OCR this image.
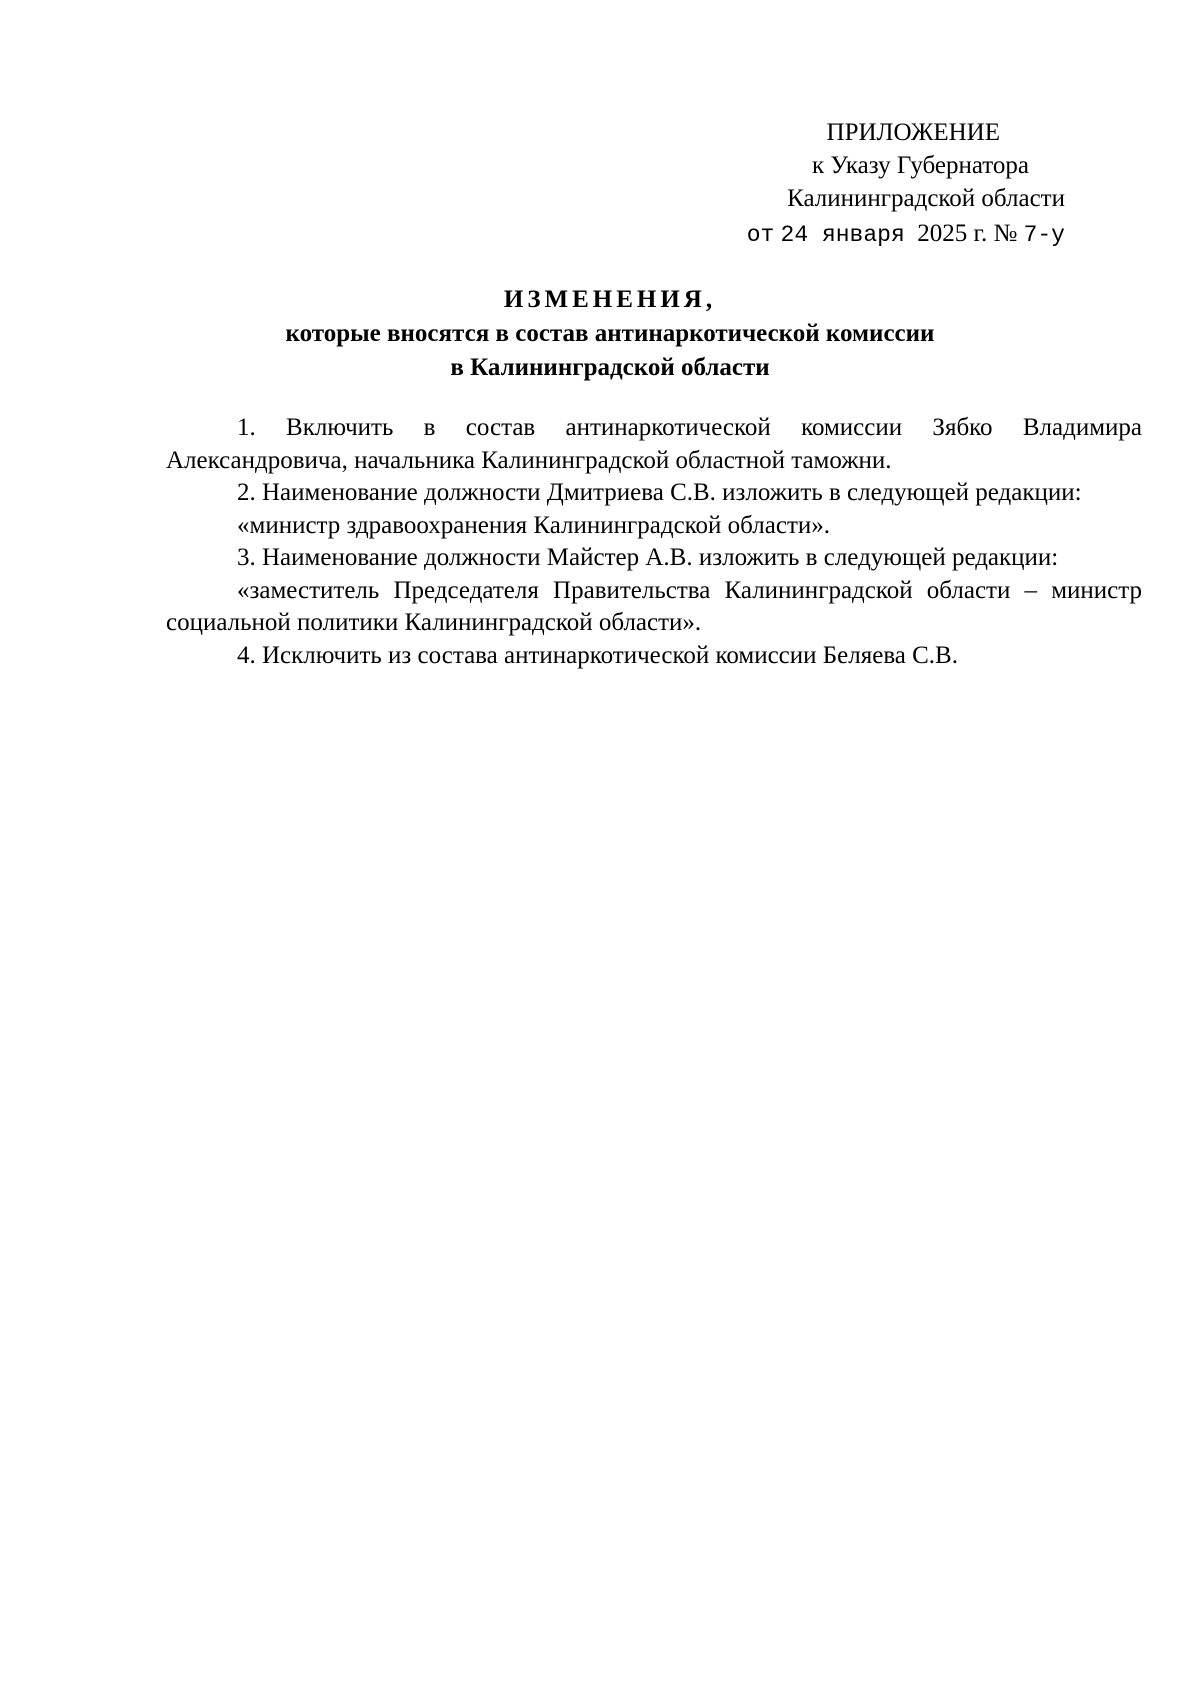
ПРИЛОЖЕНИЕ
к Указу Губернатора
Калининградской области
от 24 января 2025 г. № 7-у
ИЗМЕНЕНИЯ,
которые вносятся в состав антинаркотической комиссии
в Калининградской области

1. Включить в состав антинаркотической комиссии Зябко Владимира Александровича, начальника Калининградской областной таможни.

2. Наименование должности Дмитриева С.В. изложить в следующей редакции:

«министр здравоохранения Калининградской области».

3. Наименование должности Майстер А.В. изложить в следующей редакции:

«заместитель Председателя Правительства Калининградской области – министр социальной политики Калининградской области».

4. Исключить из состава антинаркотической комиссии Беляева С.В.
